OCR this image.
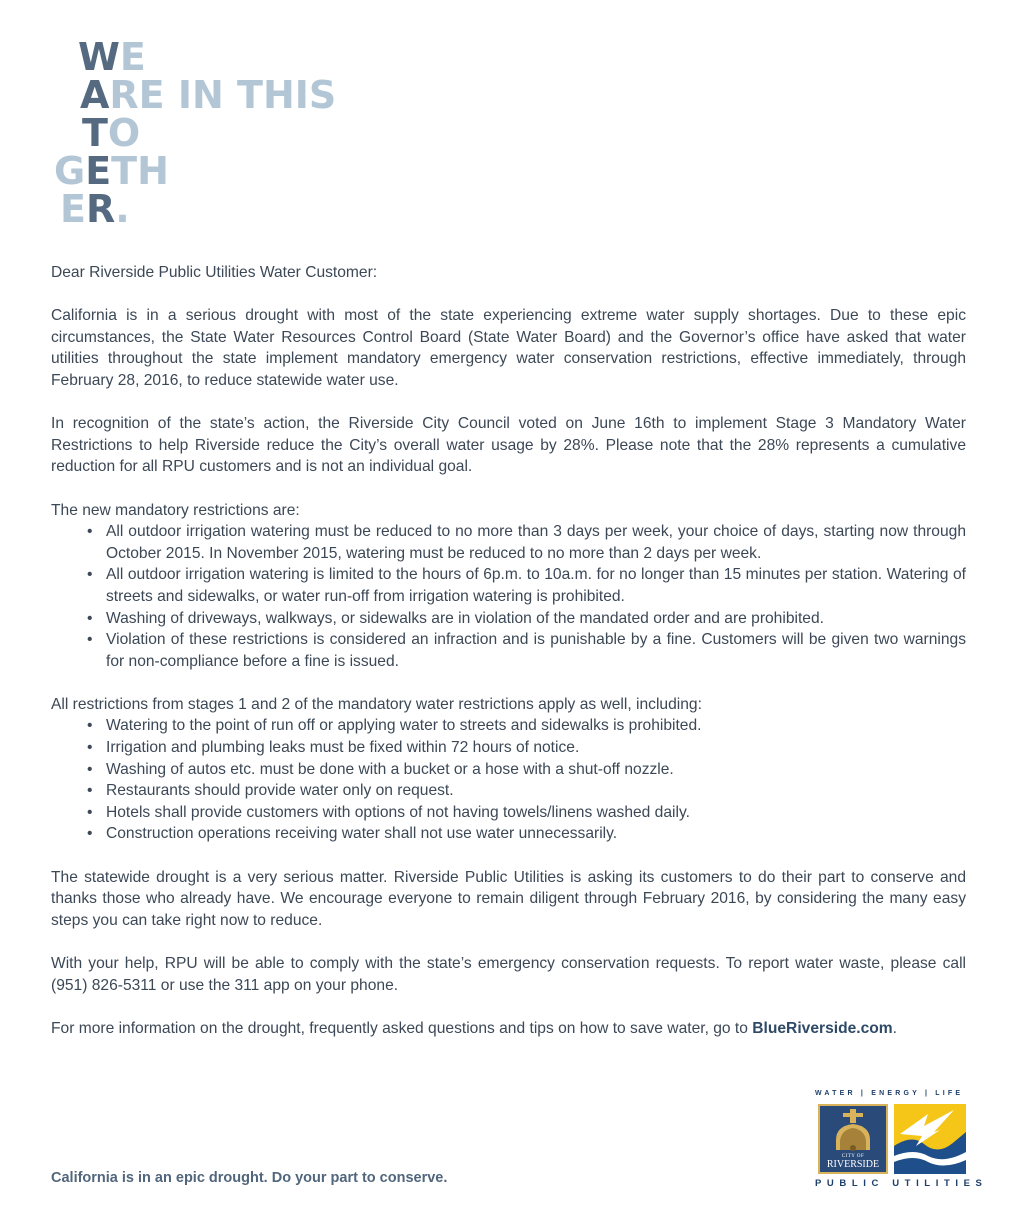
WE
ARE IN THIS
TO
GETH
ER.

Dear Riverside Public Utilities Water Customer:

California is in a serious drought with most of the state experiencing extreme water supply shortages. Due to these epic circumstances, the State Water Resources Control Board (State Water Board) and the Governor’s office have asked that water utilities throughout the state implement mandatory emergency water conservation restrictions, effective immediately, through February 28, 2016, to reduce statewide water use.

In recognition of the state’s action, the Riverside City Council voted on June 16th to implement Stage 3 Mandatory Water Restrictions to help Riverside reduce the City’s overall water usage by 28%. Please note that the 28% represents a cumulative reduction for all RPU customers and is not an individual goal.

The new mandatory restrictions are:

• All outdoor irrigation watering must be reduced to no more than 3 days per week, your choice of days, starting now through October 2015. In November 2015, watering must be reduced to no more than 2 days per week.
• All outdoor irrigation watering is limited to the hours of 6p.m. to 10a.m. for no longer than 15 minutes per station. Watering of streets and sidewalks, or water run-off from irrigation watering is prohibited.
• Washing of driveways, walkways, or sidewalks are in violation of the mandated order and are prohibited.
• Violation of these restrictions is considered an infraction and is punishable by a fine. Customers will be given two warnings for non-compliance before a fine is issued.

All restrictions from stages 1 and 2 of the mandatory water restrictions apply as well, including:

• Watering to the point of run off or applying water to streets and sidewalks is prohibited.
• Irrigation and plumbing leaks must be fixed within 72 hours of notice.
• Washing of autos etc. must be done with a bucket or a hose with a shut-off nozzle.
• Restaurants should provide water only on request.
• Hotels shall provide customers with options of not having towels/linens washed daily.
• Construction operations receiving water shall not use water unnecessarily.

The statewide drought is a very serious matter. Riverside Public Utilities is asking its customers to do their part to conserve and thanks those who already have. We encourage everyone to remain diligent through February 2016, by considering the many easy steps you can take right now to reduce.

With your help, RPU will be able to comply with the state’s emergency conservation requests. To report water waste, please call (951) 826-5311 or use the 311 app on your phone.

For more information on the drought, frequently asked questions and tips on how to save water, go to BlueRiverside.com.

California is in an epic drought. Do your part to conserve.
WATER | ENERGY | LIFE
CITY OF
RIVERSIDE
PUBLIC UTILITIES
